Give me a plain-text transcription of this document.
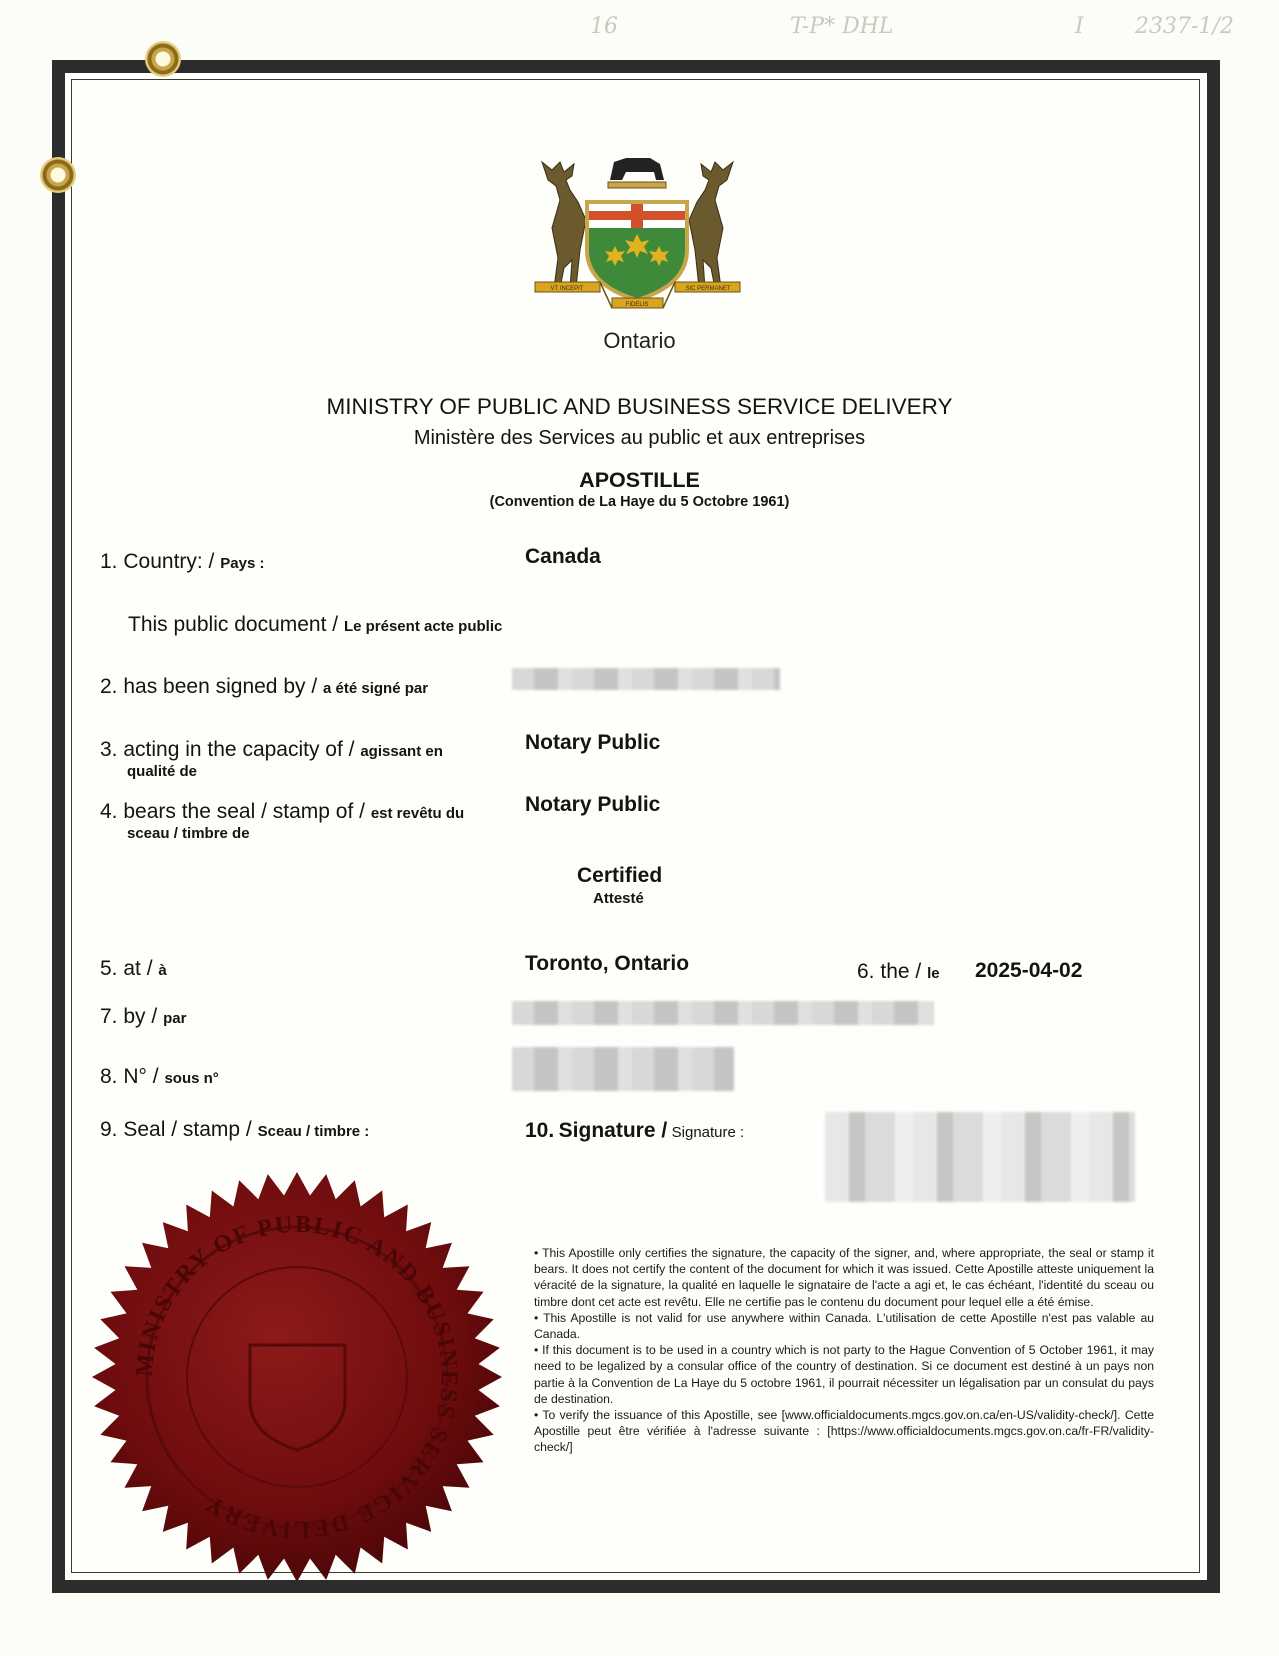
16	T-P* DHL	I 2337-1/2
VT INCEPIT
FIDELIS
SIC PERMANET
Ontario
MINISTRY OF PUBLIC AND BUSINESS SERVICE DELIVERY
Ministère des Services au public et aux entreprises
APOSTILLE
(Convention de La Haye du 5 Octobre 1961)
1. Country: / Pays :	Canada
This public document / Le présent acte public
2. has been signed by / a été signé par
3. acting in the capacity of / agissant en
qualité de
Notary Public
4. bears the seal / stamp of / est revêtu du
sceau / timbre de
Notary Public
Certified
Attesté
5. at / à	Toronto, Ontario	6. the / le 2025-04-02
7. by / par
8. N° / sous n°
9. Seal / stamp / Sceau / timbre :	10. Signature / Signature :
MINISTRY OF PUBLIC AND BUSINESS SERVICE DELIVERY

• This Apostille only certifies the signature, the capacity of the signer, and, where appropriate, the seal or stamp it bears. It does not certify the content of the document for which it was issued. Cette Apostille atteste uniquement la véracité de la signature, la qualité en laquelle le signataire de l'acte a agi et, le cas échéant, l'identité du sceau ou timbre dont cet acte est revêtu. Elle ne certifie pas le contenu du document pour lequel elle a été émise.

• This Apostille is not valid for use anywhere within Canada. L'utilisation de cette Apostille n'est pas valable au Canada.

• If this document is to be used in a country which is not party to the Hague Convention of 5 October 1961, it may need to be legalized by a consular office of the country of destination. Si ce document est destiné à un pays non partie à la Convention de La Haye du 5 octobre 1961, il pourrait nécessiter un légalisation par un consulat du pays de destination.

• To verify the issuance of this Apostille, see [www.officialdocuments.mgcs.gov.on.ca/en-US/validity-check/]. Cette Apostille peut être vérifiée à l'adresse suivante : [https://www.officialdocuments.mgcs.gov.on.ca/fr-FR/validity-check/]
